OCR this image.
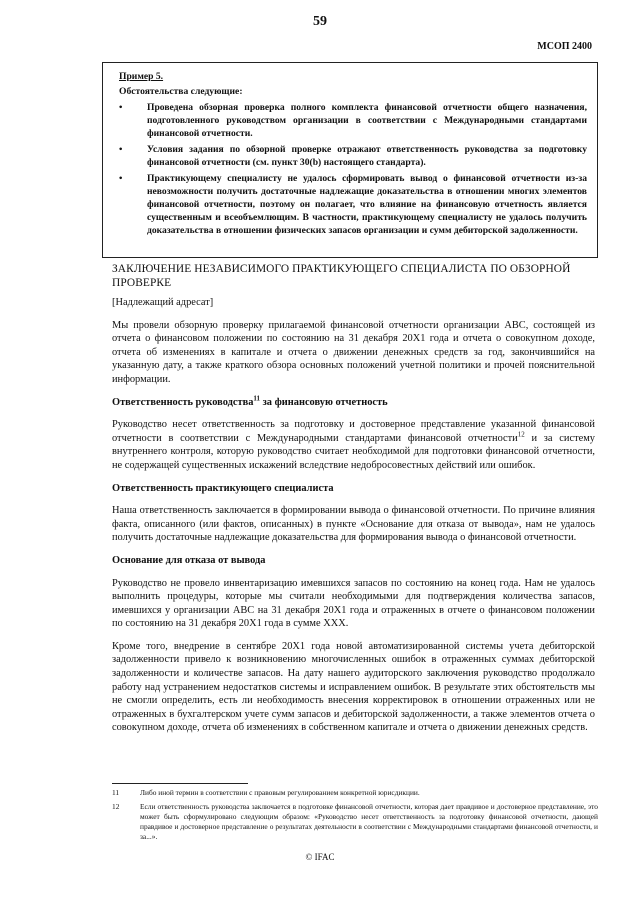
59
МСОП 2400
Пример 5.
Обстоятельства следующие:
•	Проведена обзорная проверка полного комплекта финансовой отчетности общего назначения, подготовленного руководством организации в соответствии с Международными стандартами финансовой отчетности.
•	Условия задания по обзорной проверке отражают ответственность руководства за подготовку финансовой отчетности (см. пункт 30(b) настоящего стандарта).
•	Практикующему специалисту не удалось сформировать вывод о финансовой отчетности из-за невозможности получить достаточные надлежащие доказательства в отношении многих элементов финансовой отчетности, поэтому он полагает, что влияние на финансовую отчетность является существенным и всеобъемлющим. В частности, практикующему специалисту не удалось получить доказательства в отношении физических запасов организации и сумм дебиторской задолженности.
ЗАКЛЮЧЕНИЕ НЕЗАВИСИМОГО ПРАКТИКУЮЩЕГО СПЕЦИАЛИСТА ПО ОБЗОРНОЙ ПРОВЕРКЕ

[Надлежащий адресат]

Мы провели обзорную проверку прилагаемой финансовой отчетности организации ABC, состоящей из отчета о финансовом положении по состоянию на 31 декабря 20X1 года и отчета о совокупном доходе, отчета об изменениях в капитале и отчета о движении денежных средств за год, закончившийся на указанную дату, а также краткого обзора основных положений учетной политики и прочей пояснительной информации.

Ответственность руководства$^{11}$ за финансовую отчетность

Руководство несет ответственность за подготовку и достоверное представление указанной финансовой отчетности в соответствии с Международными стандартами финансовой отчетности$^{12}$ и за систему внутреннего контроля, которую руководство считает необходимой для подготовки финансовой отчетности, не содержащей существенных искажений вследствие недобросовестных действий или ошибок.

Ответственность практикующего специалиста

Наша ответственность заключается в формировании вывода о финансовой отчетности. По причине влияния факта, описанного (или фактов, описанных) в пункте «Основание для отказа от вывода», нам не удалось получить достаточные надлежащие доказательства для формирования вывода о финансовой отчетности.

Основание для отказа от вывода

Руководство не провело инвентаризацию имевшихся запасов по состоянию на конец года. Нам не удалось выполнить процедуры, которые мы считали необходимыми для подтверждения количества запасов, имевшихся у организации ABC на 31 декабря 20X1 года и отраженных в отчете о финансовом положении по состоянию на 31 декабря 20X1 года в сумме XXX.

Кроме того, внедрение в сентябре 20X1 года новой автоматизированной системы учета дебиторской задолженности привело к возникновению многочисленных ошибок в отраженных суммах дебиторской задолженности и количестве запасов. На дату нашего аудиторского заключения руководство продолжало работу над устранением недостатков системы и исправлением ошибок. В результате этих обстоятельств мы не смогли определить, есть ли необходимость внесения корректировок в отношении отраженных или не отраженных в бухгалтерском учете сумм запасов и дебиторской задолженности, а также элементов отчета о совокупном доходе, отчета об изменениях в собственном капитале и отчета о движении денежных средств.

11	Либо иной термин в соответствии с правовым регулированием конкретной юрисдикции.
12	Если ответственность руководства заключается в подготовке финансовой отчетности, которая дает правдивое и достоверное представление, это может быть сформулировано следующим образом: «Руководство несет ответственность за подготовку финансовой отчетности, дающей правдивое и достоверное представление о результатах деятельности в соответствии с Международными стандартами финансовой отчетности, и за...».
© IFAC
